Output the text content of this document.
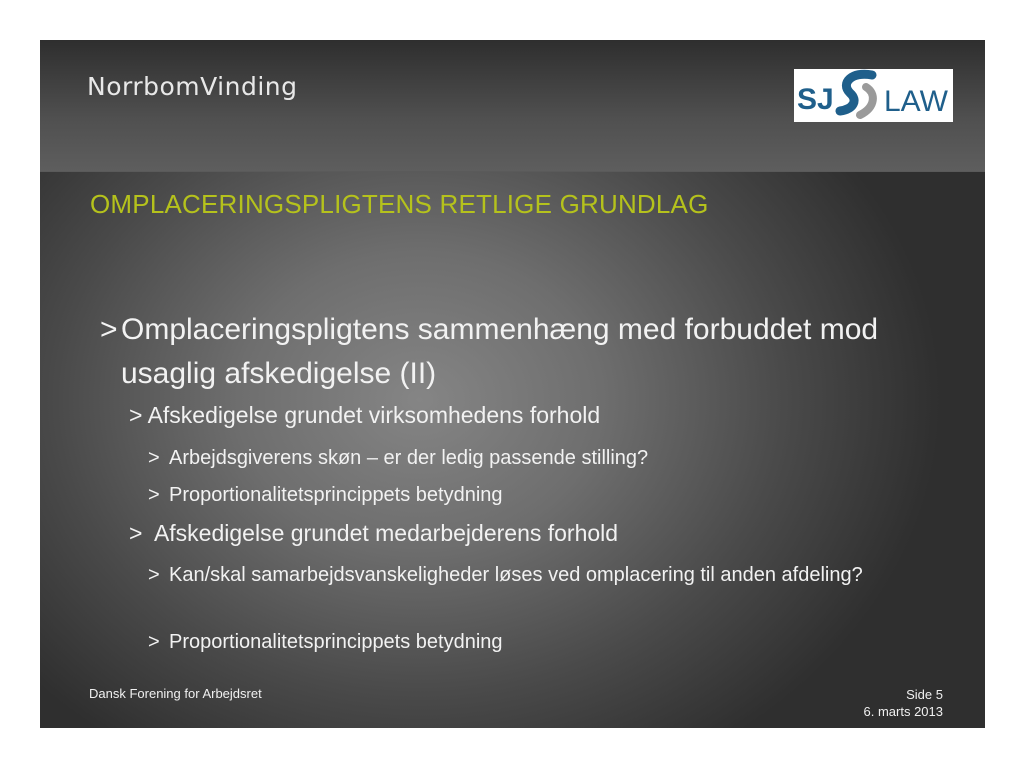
NorrbomVinding	SJ LAW
OMPLACERINGSPLIGTENS RETLIGE GRUNDLAG
> Omplaceringspligtens sammenhæng med forbuddet mod usaglig afskedigelse (II)
> Afskedigelse grundet virksomhedens forhold
> Arbejdsgiverens skøn – er der ledig passende stilling?
> Proportionalitetsprincippets betydning
> Afskedigelse grundet medarbejderens forhold
> Kan/skal samarbejdsvanskeligheder løses ved omplacering til anden afdeling?
> Proportionalitetsprincippets betydning
Dansk Forening for Arbejdsret	Side 5
6. marts 2013
